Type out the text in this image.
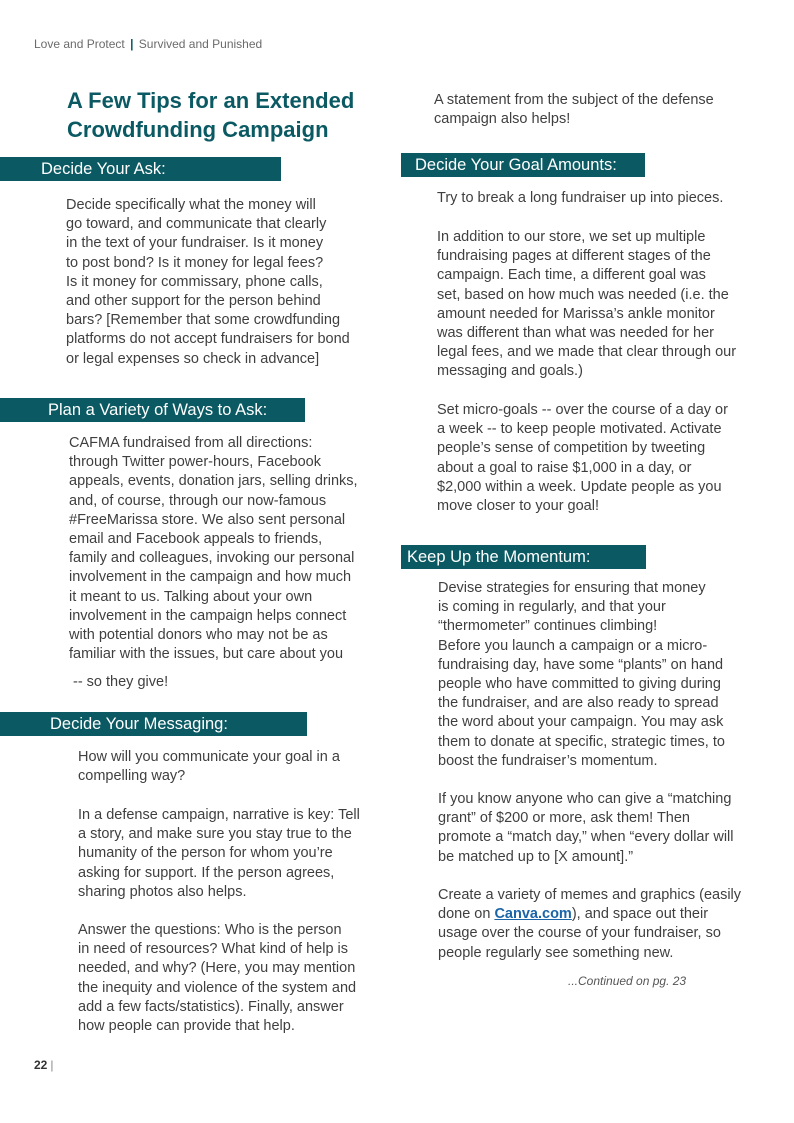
Love and Protect | Survived and Punished
A Few Tips for an Extended Crowdfunding Campaign
Decide Your Ask:

Decide specifically what the money will
go toward, and communicate that clearly
in the text of your fundraiser. Is it money
to post bond? Is it money for legal fees?
Is it money for commissary, phone calls,
and other support for the person behind
bars? [Remember that some crowdfunding
platforms do not accept fundraisers for bond
or legal expenses so check in advance]

Plan a Variety of Ways to Ask:

CAFMA fundraised from all directions:
through Twitter power-hours, Facebook
appeals, events, donation jars, selling drinks,
and, of course, through our now-famous
#FreeMarissa store. We also sent personal
email and Facebook appeals to friends,
family and colleagues, invoking our personal
involvement in the campaign and how much
it meant to us. Talking about your own
involvement in the campaign helps connect
with potential donors who may not be as
familiar with the issues, but care about you

-- so they give!

Decide Your Messaging:

How will you communicate your goal in a
compelling way?

In a defense campaign, narrative is key: Tell
a story, and make sure you stay true to the
humanity of the person for whom you’re
asking for support. If the person agrees,
sharing photos also helps.

Answer the questions: Who is the person
in need of resources? What kind of help is
needed, and why? (Here, you may mention
the inequity and violence of the system and
add a few facts/statistics). Finally, answer
how people can provide that help.

A statement from the subject of the defense
campaign also helps!

Decide Your Goal Amounts:

Try to break a long fundraiser up into pieces.

In addition to our store, we set up multiple
fundraising pages at different stages of the
campaign. Each time, a different goal was
set, based on how much was needed (i.e. the
amount needed for Marissa’s ankle monitor
was different than what was needed for her
legal fees, and we made that clear through our
messaging and goals.)

Set micro-goals -- over the course of a day or
a week -- to keep people motivated. Activate
people’s sense of competition by tweeting
about a goal to raise $1,000 in a day, or
$2,000 within a week. Update people as you
move closer to your goal!

Keep Up the Momentum:

Devise strategies for ensuring that money
is coming in regularly, and that your
“thermometer” continues climbing!
Before you launch a campaign or a micro-
fundraising day, have some “plants” on hand
people who have committed to giving during
the fundraiser, and are also ready to spread
the word about your campaign. You may ask
them to donate at specific, strategic times, to
boost the fundraiser’s momentum.

If you know anyone who can give a “matching
grant” of $200 or more, ask them! Then
promote a “match day,” when “every dollar will
be matched up to [X amount].”

Create a variety of memes and graphics (easily
done on Canva.com), and space out their
usage over the course of your fundraiser, so
people regularly see something new.

...Continued on pg. 23
22 |
